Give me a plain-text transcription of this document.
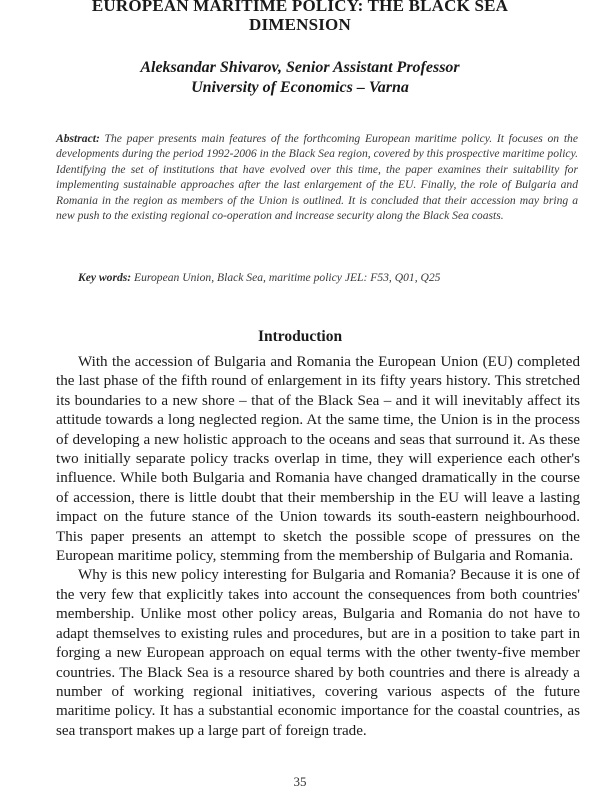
EUROPEAN MARITIME POLICY: THE BLACK SEA
DIMENSION
Aleksandar Shivarov, Senior Assistant Professor
University of Economics – Varna

Abstract: The paper presents main features of the forthcoming European maritime policy. It focuses on the developments during the period 1992-2006 in the Black Sea region, covered by this prospective maritime policy. Identifying the set of institutions that have evolved over this time, the paper examines their suitability for implementing sustainable approaches after the last enlargement of the EU. Finally, the role of Bulgaria and Romania in the region as members of the Union is outlined. It is concluded that their accession may bring a new push to the existing regional co-operation and increase security along the Black Sea coasts.

Key words: European Union, Black Sea, maritime policy JEL: F53, Q01, Q25

Introduction

With the accession of Bulgaria and Romania the European Union (EU) completed the last phase of the fifth round of enlargement in its fifty years history. This stretched its boundaries to a new shore – that of the Black Sea – and it will inevitably affect its attitude towards a long neglected region. At the same time, the Union is in the process of developing a new holistic approach to the oceans and seas that surround it. As these two initially separate policy tracks overlap in time, they will experience each other's influence. While both Bulgaria and Romania have changed dramatically in the course of accession, there is little doubt that their membership in the EU will leave a lasting impact on the future stance of the Union towards its south-eastern neighbourhood. This paper presents an attempt to sketch the possible scope of pressures on the European maritime policy, stemming from the membership of Bulgaria and Romania.

Why is this new policy interesting for Bulgaria and Romania? Because it is one of the very few that explicitly takes into account the consequences from both countries' membership. Unlike most other policy areas, Bulgaria and Romania do not have to adapt themselves to existing rules and procedures, but are in a position to take part in forging a new European approach on equal terms with the other twenty-five member countries. The Black Sea is a resource shared by both countries and there is already a number of working regional initiatives, covering various aspects of the future maritime policy. It has a substantial economic importance for the coastal countries, as sea transport makes up a large part of foreign trade.

35
